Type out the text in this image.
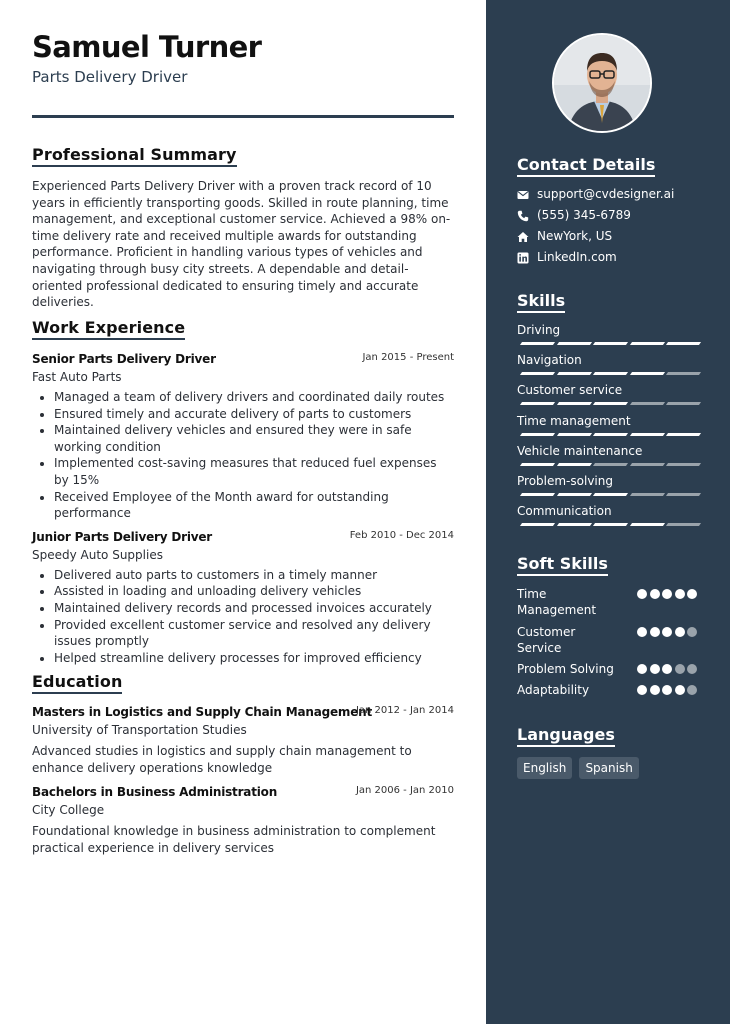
Samuel Turner
Parts Delivery Driver
Professional Summary

Experienced Parts Delivery Driver with a proven track record of 10 years in efficiently transporting goods. Skilled in route planning, time management, and exceptional customer service. Achieved a 98% on-time delivery rate and received multiple awards for outstanding performance. Proficient in handling various types of vehicles and navigating through busy city streets. A dependable and detail-oriented professional dedicated to ensuring timely and accurate deliveries.

Work Experience
Senior Parts Delivery Driver	Jan 2015 - Present
Fast Auto Parts
• Managed a team of delivery drivers and coordinated daily routes
• Ensured timely and accurate delivery of parts to customers
• Maintained delivery vehicles and ensured they were in safe working condition
• Implemented cost-saving measures that reduced fuel expenses by 15%
• Received Employee of the Month award for outstanding performance
Junior Parts Delivery Driver	Feb 2010 - Dec 2014
Speedy Auto Supplies
• Delivered auto parts to customers in a timely manner
• Assisted in loading and unloading delivery vehicles
• Maintained delivery records and processed invoices accurately
• Provided excellent customer service and resolved any delivery issues promptly
• Helped streamline delivery processes for improved efficiency
Education
Masters in Logistics and Supply Chain Management
Jan 2012 - Jan 2014
University of Transportation Studies

Advanced studies in logistics and supply chain management to enhance delivery operations knowledge

Bachelors in Business Administration	Jan 2006 - Jan 2010
City College

Foundational knowledge in business administration to complement practical experience in delivery services

Contact Details
support@cvdesigner.ai
(555) 345-6789
NewYork, US
LinkedIn.com
Skills
Driving
Navigation
Customer service
Time management
Vehicle maintenance
Problem-solving
Communication
Soft Skills
Time Management
Customer Service
Problem Solving
Adaptability
Languages
English Spanish
